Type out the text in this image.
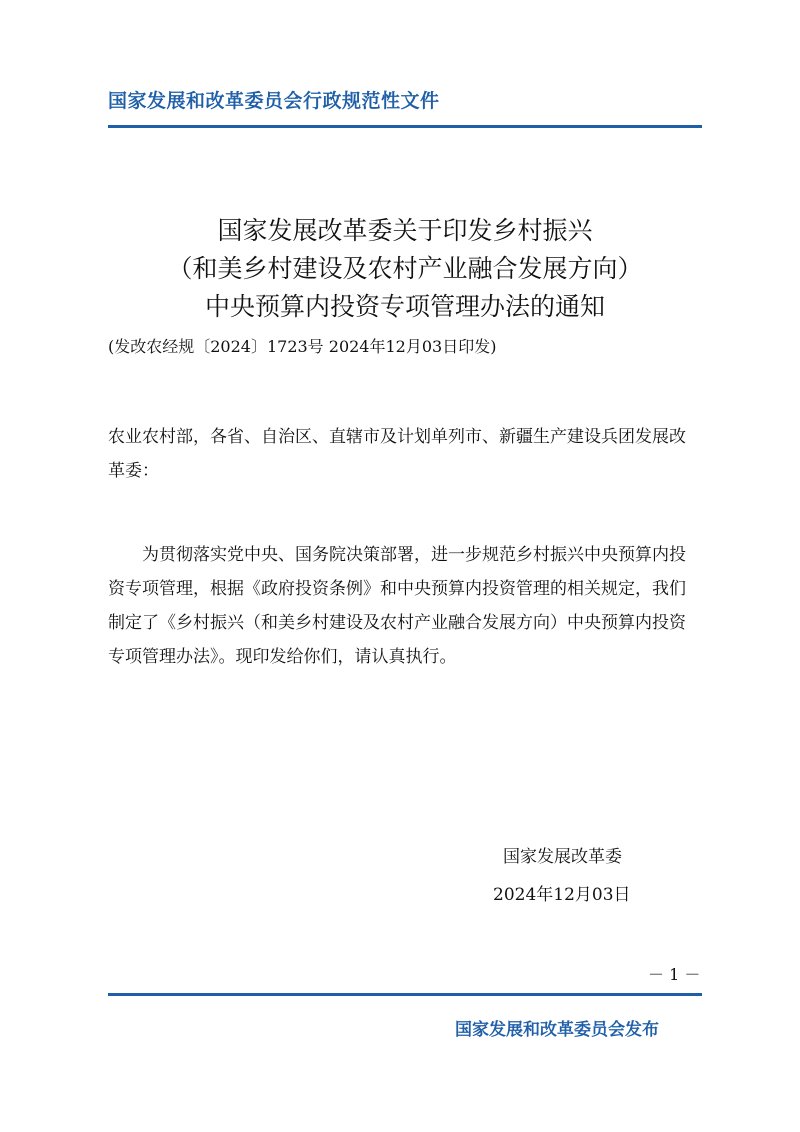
国家发展和改革委员会行政规范性文件
国家发展改革委关于印发乡村振兴
（和美乡村建设及农村产业融合发展方向）
中央预算内投资专项管理办法的通知
(发改农经规〔2024〕1723号 2024年12月03日印发)
农业农村部，各省、自治区、直辖市及计划单列市、新疆生产建设兵团发展改革委：
为贯彻落实党中央、国务院决策部署，进一步规范乡村振兴中央预算内投资专项管理，根据《政府投资条例》和中央预算内投资管理的相关规定，我们制定了《乡村振兴（和美乡村建设及农村产业融合发展方向）中央预算内投资专项管理办法》。现印发给你们，请认真执行。
国家发展改革委
2024年12月03日
－ 1 －
国家发展和改革委员会发布
